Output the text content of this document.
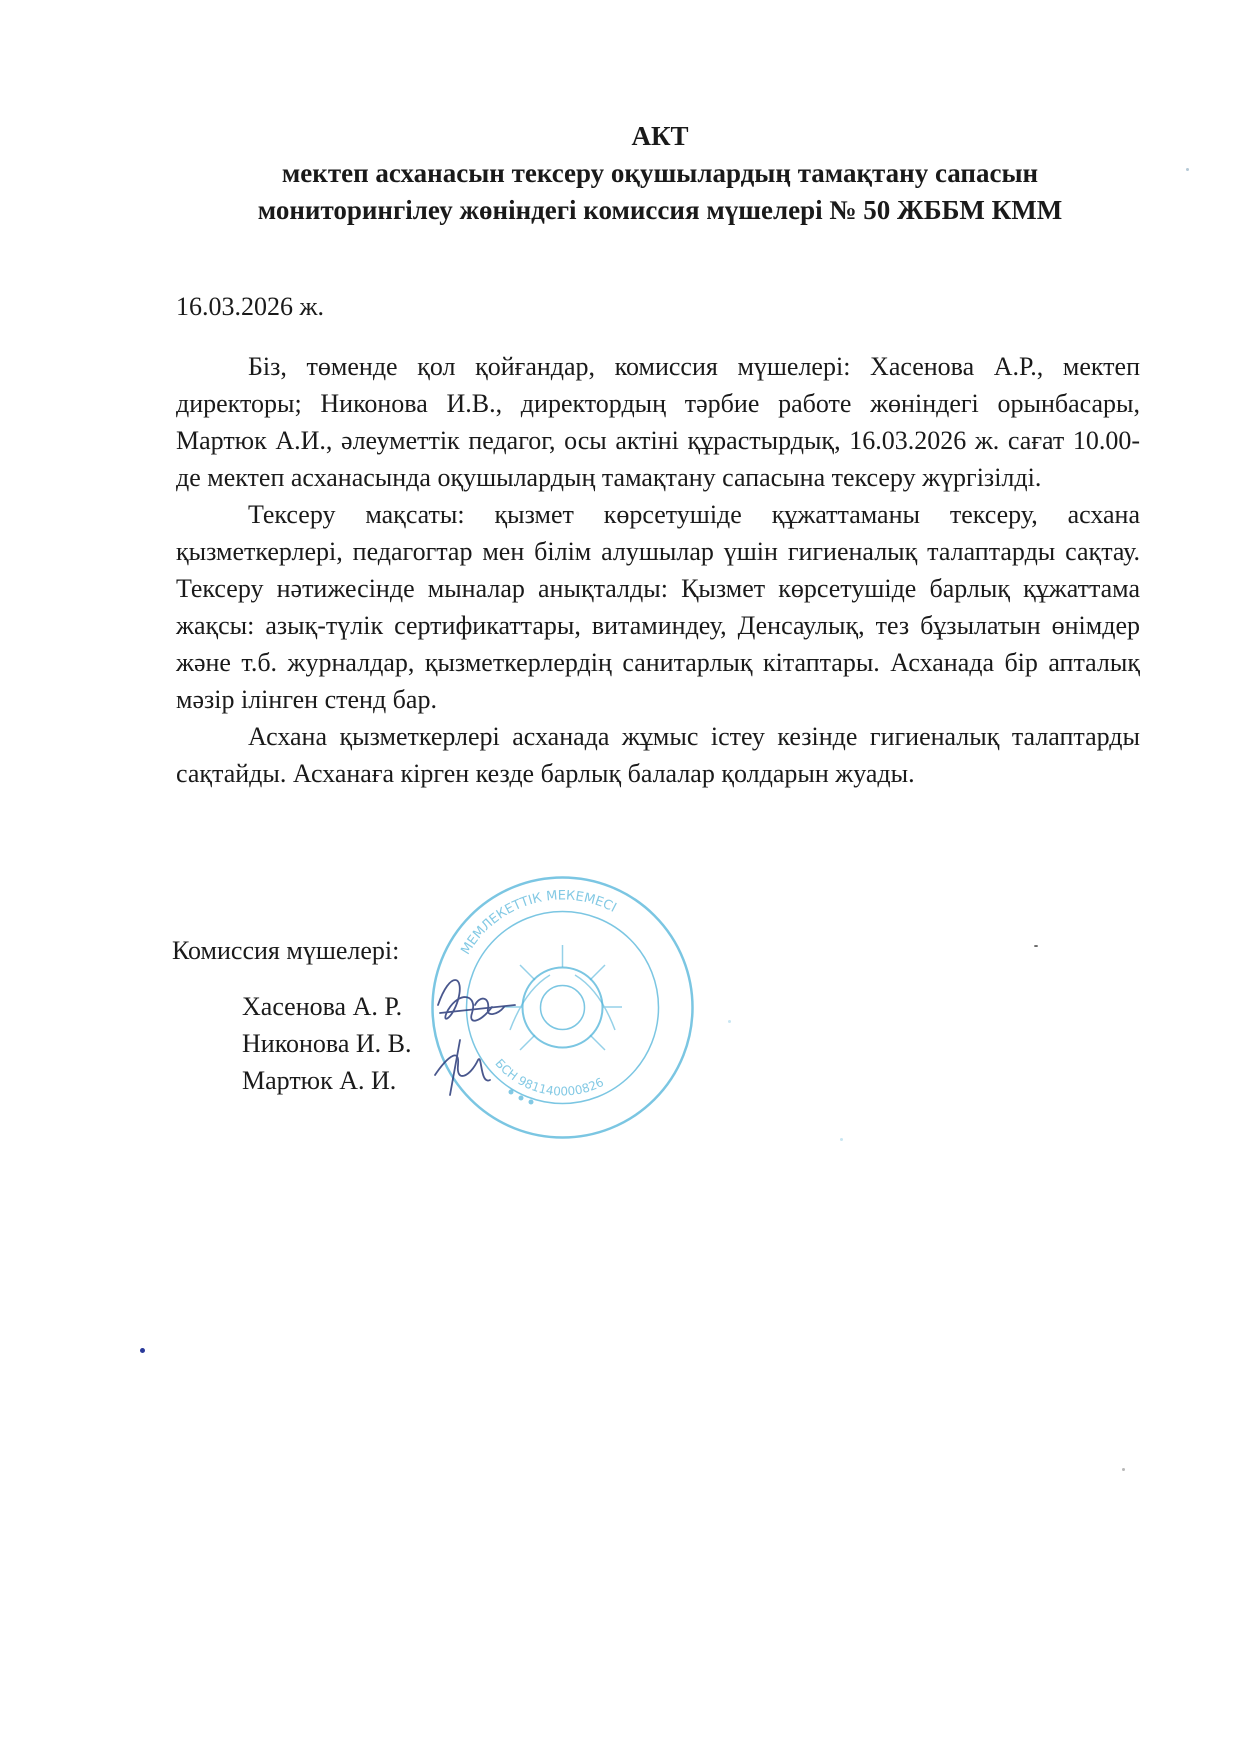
АКТ
мектеп асханасын тексеру оқушылардың тамақтану сапасын
мониторингілеу жөніндегі комиссия мүшелері № 50 ЖББМ КММ
16.03.2026 ж.

Біз, төменде қол қойғандар, комиссия мүшелері: Хасенова А.Р., мектеп директоры; Никонова И.В., директордың тәрбие работе жөніндегі орынбасары, Мартюк А.И., әлеуметтік педагог, осы актіні құрастырдық, 16.03.2026 ж. сағат 10.00-де мектеп асханасында оқушылардың тамақтану сапасына тексеру жүргізілді.

Тексеру мақсаты: қызмет көрсетушіде құжаттаманы тексеру, асхана қызметкерлері, педагогтар мен білім алушылар үшін гигиеналық талаптарды сақтау. Тексеру нәтижесінде мыналар анықталды: Қызмет көрсетушіде барлық құжаттама жақсы: азық-түлік сертификаттары, витаминдеу, Денсаулық, тез бұзылатын өнімдер және т.б. журналдар, қызметкерлердің санитарлық кітаптары. Асханада бір апталық мәзір ілінген стенд бар.

Асхана қызметкерлері асханада жұмыс істеу кезінде гигиеналық талаптарды сақтайды. Асханаға кірген кезде барлық балалар қолдарын жуады.

Комиссия мүшелері:
Хасенова А. Р.
Никонова И. В.
Мартюк А. И.
МЕМЛЕКЕТТІК МЕКЕМЕСІ
БСН 981140000826
